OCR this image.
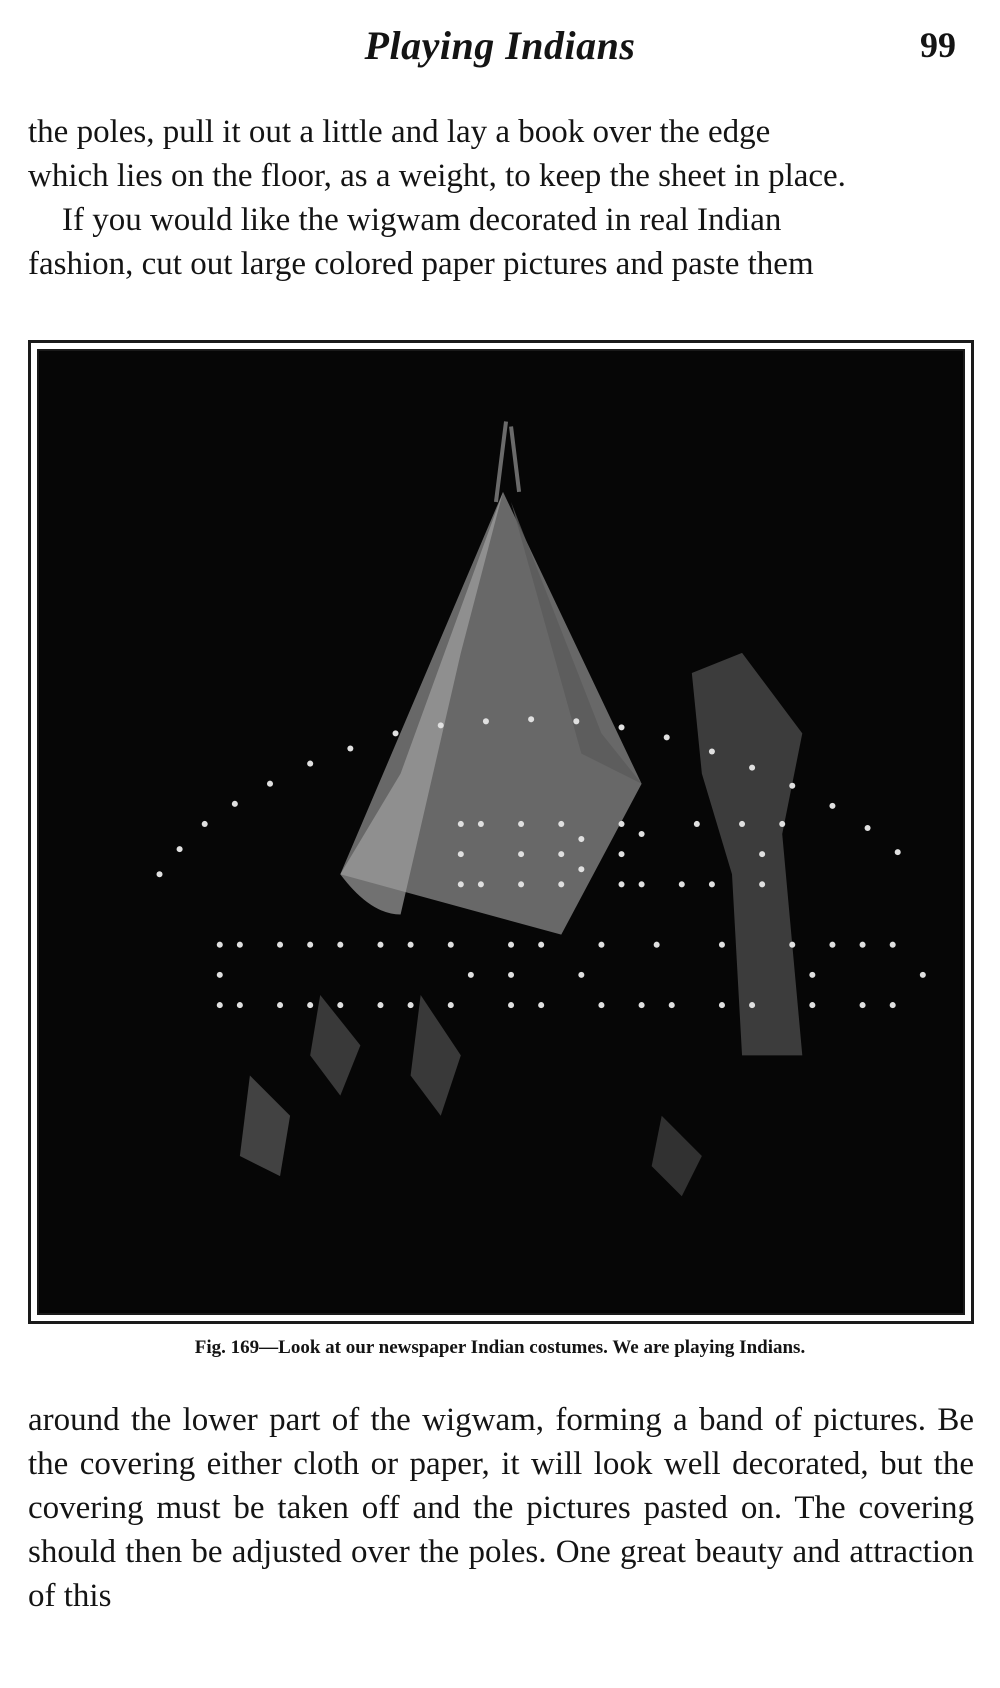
Playing Indians	99
the poles, pull it out a little and lay a book over the edge
which lies on the floor, as a weight, to keep the sheet in place.
If you would like the wigwam decorated in real Indian
fashion, cut out large colored paper pictures and paste them
Fig. 169—Look at our newspaper Indian costumes. We are playing Indians.

around the lower part of the wigwam, forming a band of pictures. Be the covering either cloth or paper, it will look well decorated, but the covering must be taken off and the pictures pasted on. The covering should then be adjusted over the poles. One great beauty and attraction of this
